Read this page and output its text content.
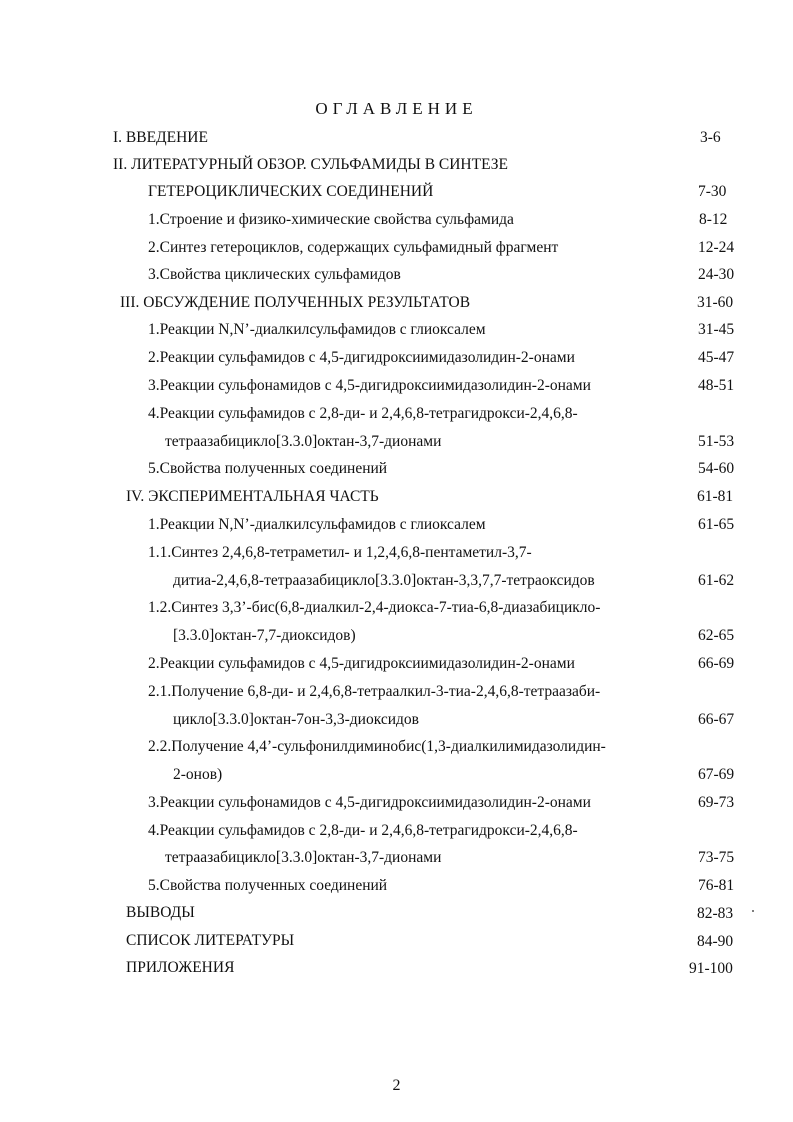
ОГЛАВЛЕНИЕ
I. ВВЕДЕНИЕ	3-6
II. ЛИТЕРАТУРНЫЙ ОБЗОР. СУЛЬФАМИДЫ В СИНТЕЗЕ
ГЕТЕРОЦИКЛИЧЕСКИХ СОЕДИНЕНИЙ	7-30
1.Строение и физико-химические свойства сульфамида	8-12
2.Синтез гетероциклов, содержащих сульфамидный фрагмент	12-24
3.Свойства циклических сульфамидов	24-30
III. ОБСУЖДЕНИЕ ПОЛУЧЕННЫХ РЕЗУЛЬТАТОВ	31-60
1.Реакции N,N’-диалкилсульфамидов с глиоксалем	31-45
2.Реакции сульфамидов с 4,5-дигидроксиимидазолидин-2-онами	45-47
3.Реакции сульфонамидов с 4,5-дигидроксиимидазолидин-2-онами	48-51
4.Реакции сульфамидов с 2,8-ди- и 2,4,6,8-тетрагидрокси-2,4,6,8-
тетраазабицикло[3.3.0]октан-3,7-дионами	51-53
5.Свойства полученных соединений	54-60
IV. ЭКСПЕРИМЕНТАЛЬНАЯ ЧАСТЬ	61-81
1.Реакции N,N’-диалкилсульфамидов с глиоксалем	61-65
1.1.Синтез 2,4,6,8-тетраметил- и 1,2,4,6,8-пентаметил-3,7-
дитиа-2,4,6,8-тетраазабицикло[3.3.0]октан-3,3,7,7-тетраоксидов	61-62
1.2.Синтез 3,3’-бис(6,8-диалкил-2,4-диокса-7-тиа-6,8-диазабицикло-
[3.3.0]октан-7,7-диоксидов)	62-65
2.Реакции сульфамидов с 4,5-дигидроксиимидазолидин-2-онами	66-69
2.1.Получение 6,8-ди- и 2,4,6,8-тетраалкил-3-тиа-2,4,6,8-тетраазаби-
цикло[3.3.0]октан-7он-3,3-диоксидов	66-67
2.2.Получение 4,4’-сульфонилдиминобис(1,3-диалкилимидазолидин-
2-онов)	67-69
3.Реакции сульфонамидов с 4,5-дигидроксиимидазолидин-2-онами	69-73
4.Реакции сульфамидов с 2,8-ди- и 2,4,6,8-тетрагидрокси-2,4,6,8-
тетраазабицикло[3.3.0]октан-3,7-дионами	73-75
5.Свойства полученных соединений	76-81
ВЫВОДЫ	82-83
СПИСОК ЛИТЕРАТУРЫ	84-90
ПРИЛОЖЕНИЯ	91-100
2
